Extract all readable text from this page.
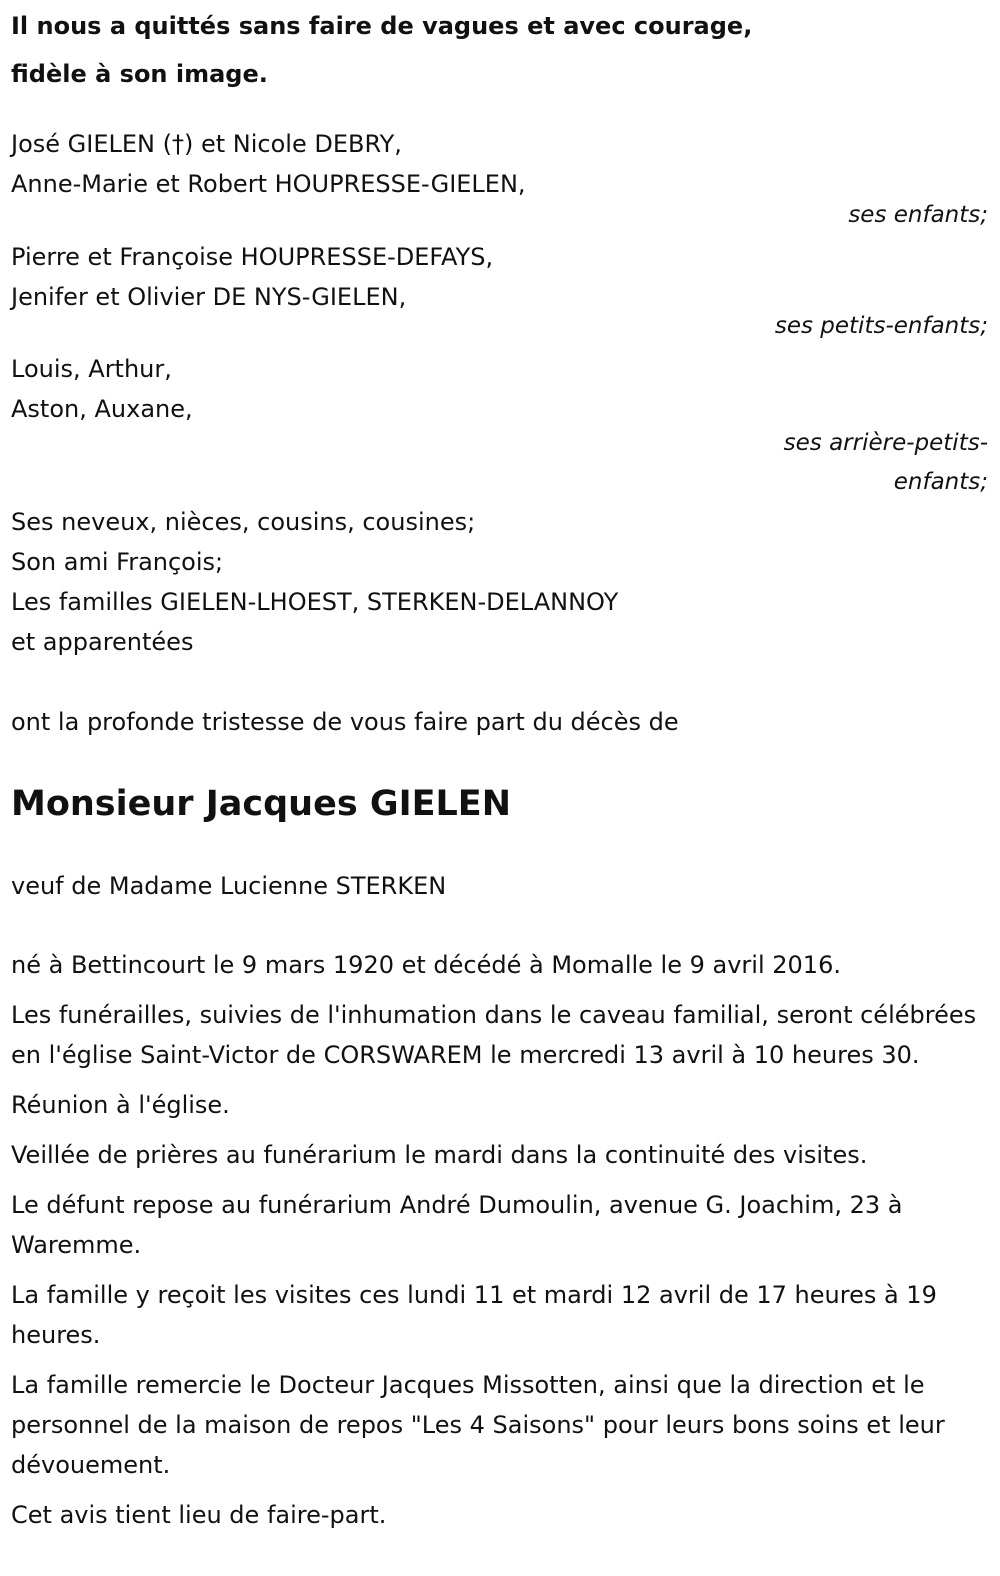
Il nous a quittés sans faire de vagues et avec courage,
fidèle à son image.
José GIELEN (†) et Nicole DEBRY,
Anne-Marie et Robert HOUPRESSE-GIELEN,
ses enfants;
Pierre et Françoise HOUPRESSE-DEFAYS,
Jenifer et Olivier DE NYS-GIELEN,
ses petits-enfants;
Louis, Arthur,
Aston, Auxane,
ses arrière-petits-
enfants;
Ses neveux, nièces, cousins, cousines;
Son ami François;
Les familles GIELEN-LHOEST, STERKEN-DELANNOY
et apparentées

ont la profonde tristesse de vous faire part du décès de

Monsieur Jacques GIELEN

veuf de Madame Lucienne STERKEN

né à Bettincourt le 9 mars 1920 et décédé à Momalle le 9 avril 2016.

Les funérailles, suivies de l'inhumation dans le caveau familial, seront célébrées en l'église Saint-Victor de CORSWAREM le mercredi 13 avril à 10 heures 30.

Réunion à l'église.

Veillée de prières au funérarium le mardi dans la continuité des visites.

Le défunt repose au funérarium André Dumoulin, avenue G. Joachim, 23 à Waremme.

La famille y reçoit les visites ces lundi 11 et mardi 12 avril de 17 heures à 19 heures.

La famille remercie le Docteur Jacques Missotten, ainsi que la direction et le personnel de la maison de repos "Les 4 Saisons" pour leurs bons soins et leur dévouement.

Cet avis tient lieu de faire-part.
